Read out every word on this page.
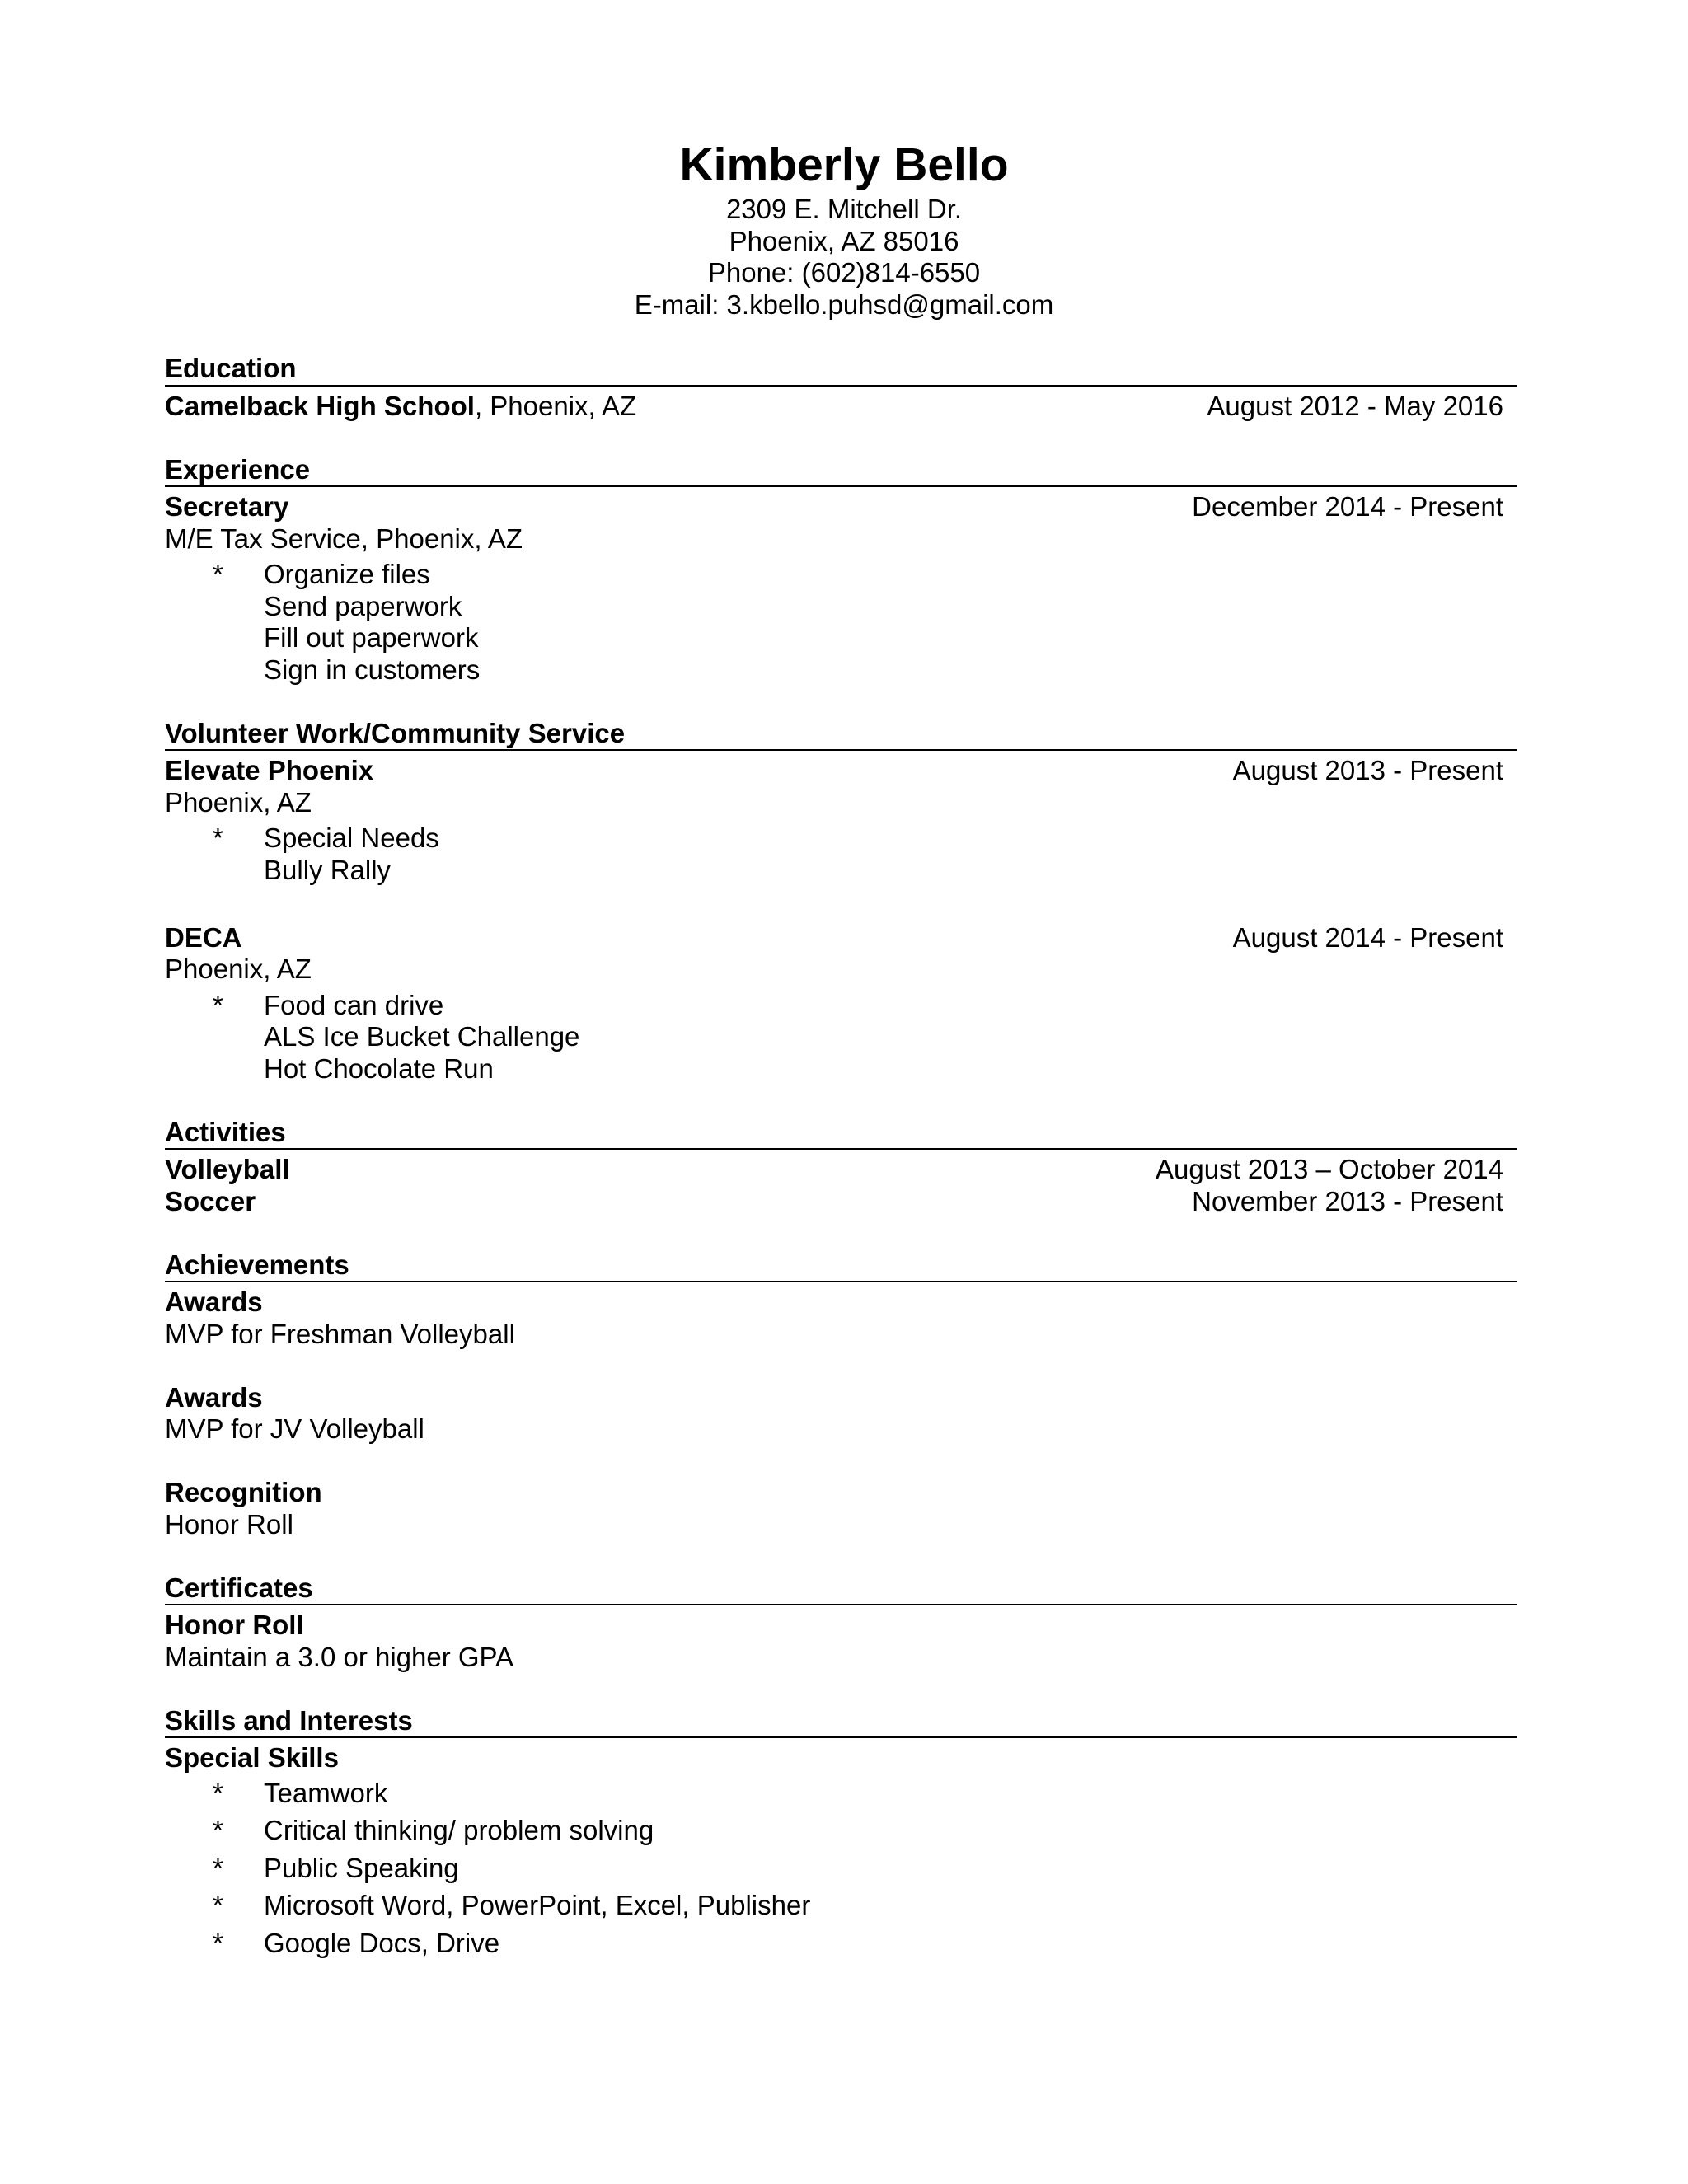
Kimberly Bello
2309 E. Mitchell Dr.
Phoenix, AZ 85016
Phone: (602)814-6550
E-mail: 3.kbello.puhsd@gmail.com
Education
Camelback High School, Phoenix, AZ	August 2012 - May 2016
Experience
Secretary	December 2014 - Present
M/E Tax Service, Phoenix, AZ
*	Organize files
Send paperwork
Fill out paperwork
Sign in customers
Volunteer Work/Community Service
Elevate Phoenix	August 2013 - Present
Phoenix, AZ
*	Special Needs
Bully Rally
DECA	August 2014 - Present
Phoenix, AZ
*	Food can drive
ALS Ice Bucket Challenge
Hot Chocolate Run
Activities
Volleyball	August 2013 – October 2014
Soccer	November 2013 - Present
Achievements
Awards
MVP for Freshman Volleyball
Awards
MVP for JV Volleyball
Recognition
Honor Roll
Certificates
Honor Roll
Maintain a 3.0 or higher GPA
Skills and Interests
Special Skills
*	Teamwork
*	Critical thinking/ problem solving
*	Public Speaking
*	Microsoft Word, PowerPoint, Excel, Publisher
*	Google Docs, Drive
